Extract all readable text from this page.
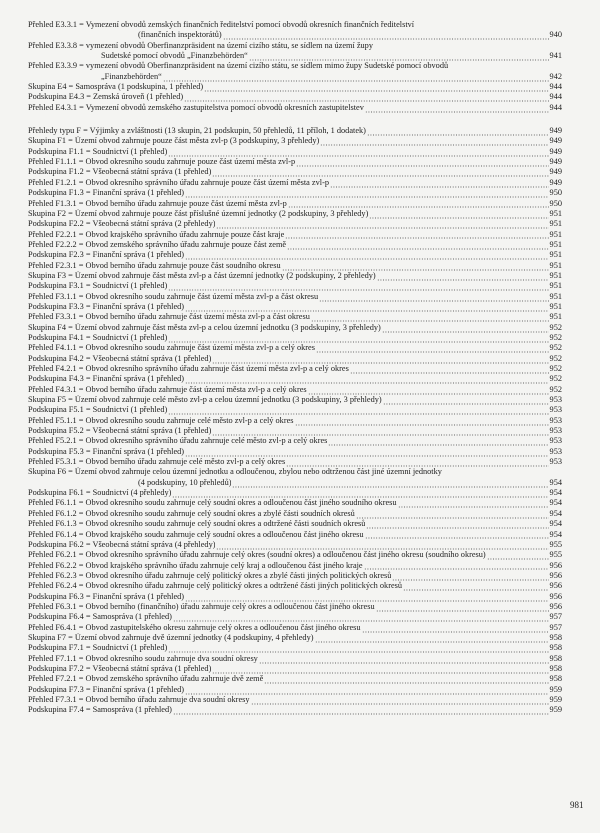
Přehled E3.3.1 = Vymezení obvodů zemských finančních ředitelství pomocí obvodů okresních finančních ředitelství
(finančních inspektorátů)	940
Přehled E3.3.8 = vymezení obvodů Oberfinanzpräsident na území cizího státu, se sídlem na území župy
Sudetské pomocí obvodů „Finanzbehörden“	941
Přehled E3.3.9 = vymezení obvodů Oberfinanzpräsident na území cizího státu, se sídlem mimo župy Sudetské pomocí obvodů
„Finanzbehörden“	942
Skupina E4 = Samospráva (1 podskupina, 1 přehled)	944
Podskupina E4.3 = Zemská úroveň (1 přehled)	944
Přehled E4.3.1 = Vymezení obvodů zemského zastupitelstva pomocí obvodů okresních zastupitelstev	944
Přehledy typu F = Výjimky a zvláštnosti (13 skupin, 21 podskupin, 50 přehledů, 11 příloh, 1 dodatek)	949
Skupina F1 = Území obvod zahrnuje pouze část města zvl-p (3 podskupiny, 3 přehledy)	949
Podskupina F1.1 = Soudnictví (1 přehled)	949
Přehled F1.1.1 = Obvod okresního soudu zahrnuje pouze část území města zvl-p	949
Podskupina F1.2 = Všeobecná státní správa (1 přehled)	949
Přehled F1.2.1 = Obvod okresního správního úřadu zahrnuje pouze část území města zvl-p	949
Podskupina F1.3 = Finanční správa (1 přehled)	950
Přehled F1.3.1 = Obvod berního úřadu zahrnuje pouze část území města zvl-p	950
Skupina F2 = Území obvod zahrnuje pouze část příslušné územní jednotky (2 podskupiny, 3 přehledy)	951
Podskupina F2.2 = Všeobecná státní správa (2 přehledy)	951
Přehled F2.2.1 = Obvod krajského správního úřadu zahrnuje pouze část kraje	951
Přehled F2.2.2 = Obvod zemského správního úřadu zahrnuje pouze část země	951
Podskupina F2.3 = Finanční správa (1 přehled)	951
Přehled F2.3.1 = Obvod berního úřadu zahrnuje pouze část soudního okresu	951
Skupina F3 = Území obvod zahrnuje část města zvl-p a část územní jednotky (2 podskupiny, 2 přehledy)	951
Podskupina F3.1 = Soudnictví (1 přehled)	951
Přehled F3.1.1 = Obvod okresního soudu zahrnuje část území města zvl-p a část okresu	951
Podskupina F3.3 = Finanční správa (1 přehled)	951
Přehled F3.3.1 = Obvod berního úřadu zahrnuje část území města zvl-p a část okresu	951
Skupina F4 = Území obvod zahrnuje část města zvl-p a celou územní jednotku (3 podskupiny, 3 přehledy)	952
Podskupina F4.1 = Soudnictví (1 přehled)	952
Přehled F4.1.1 = Obvod okresního soudu zahrnuje část území města zvl-p a celý okres	952
Podskupina F4.2 = Všeobecná státní správa (1 přehled)	952
Přehled F4.2.1 = Obvod okresního správního úřadu zahrnuje část území města zvl-p a celý okres	952
Podskupina F4.3 = Finanční správa (1 přehled)	952
Přehled F4.3.1 = Obvod berního úřadu zahrnuje část území města zvl-p a celý okres	952
Skupina F5 = Území obvod zahrnuje celé město zvl-p a celou územní jednotku (3 podskupiny, 3 přehledy)	953
Podskupina F5.1 = Soudnictví (1 přehled)	953
Přehled F5.1.1 = Obvod okresního soudu zahrnuje celé město zvl-p a celý okres	953
Podskupina F5.2 = Všeobecná státní správa (1 přehled)	953
Přehled F5.2.1 = Obvod okresního správního úřadu zahrnuje celé město zvl-p a celý okres	953
Podskupina F5.3 = Finanční správa (1 přehled)	953
Přehled F5.3.1 = Obvod berního úřadu zahrnuje celé město zvl-p a celý okres	953
Skupina F6 = Území obvod zahrnuje celou územní jednotku a odloučenou, zbylou nebo odtrženou část jiné územní jednotky
(4 podskupiny, 10 přehledů)	954
Podskupina F6.1 = Soudnictví (4 přehledy)	954
Přehled F6.1.1 = Obvod okresního soudu zahrnuje celý soudní okres a odloučenou část jiného soudního okresu	954
Přehled F6.1.2 = Obvod okresního soudu zahrnuje celý soudní okres a zbylé části soudních okresů	954
Přehled F6.1.3 = Obvod okresního soudu zahrnuje celý soudní okres a odtržené části soudních okresů	954
Přehled F6.1.4 = Obvod krajského soudu zahrnuje celý soudní okres a odloučenou část jiného okresu	954
Podskupina F6.2 = Všeobecná státní správa (4 přehledy)	955
Přehled F6.2.1 = Obvod okresního správního úřadu zahrnuje celý okres (soudní okres) a odloučenou část jiného okresu (soudního okresu)	955
Přehled F6.2.2 = Obvod krajského správního úřadu zahrnuje celý kraj a odloučenou část jiného kraje	956
Přehled F6.2.3 = Obvod okresního úřadu zahrnuje celý politický okres a zbylé části jiných politických okresů	956
Přehled F6.2.4 = Obvod okresního úřadu zahrnuje celý politický okres a odtržené části jiných politických okresů	956
Podskupina F6.3 = Finanční správa (1 přehled)	956
Přehled F6.3.1 = Obvod berního (finančního) úřadu zahrnuje celý okres a odloučenou část jiného okresu	956
Podskupina F6.4 = Samospráva (1 přehled)	957
Přehled F6.4.1 = Obvod zastupitelského okresu zahrnuje celý okres a odloučenou část jiného okresu	957
Skupina F7 = Území obvod zahrnuje dvě územní jednotky (4 podskupiny, 4 přehledy)	958
Podskupina F7.1 = Soudnictví (1 přehled)	958
Přehled F7.1.1 = Obvod okresního soudu zahrnuje dva soudní okresy	958
Podskupina F7.2 = Všeobecná státní správa (1 přehled)	958
Přehled F7.2.1 = Obvod zemského správního úřadu zahrnuje dvě země	958
Podskupina F7.3 = Finanční správa (1 přehled)	959
Přehled F7.3.1 = Obvod berního úřadu zahrnuje dva soudní okresy	959
Podskupina F7.4 = Samospráva (1 přehled)	959
981
